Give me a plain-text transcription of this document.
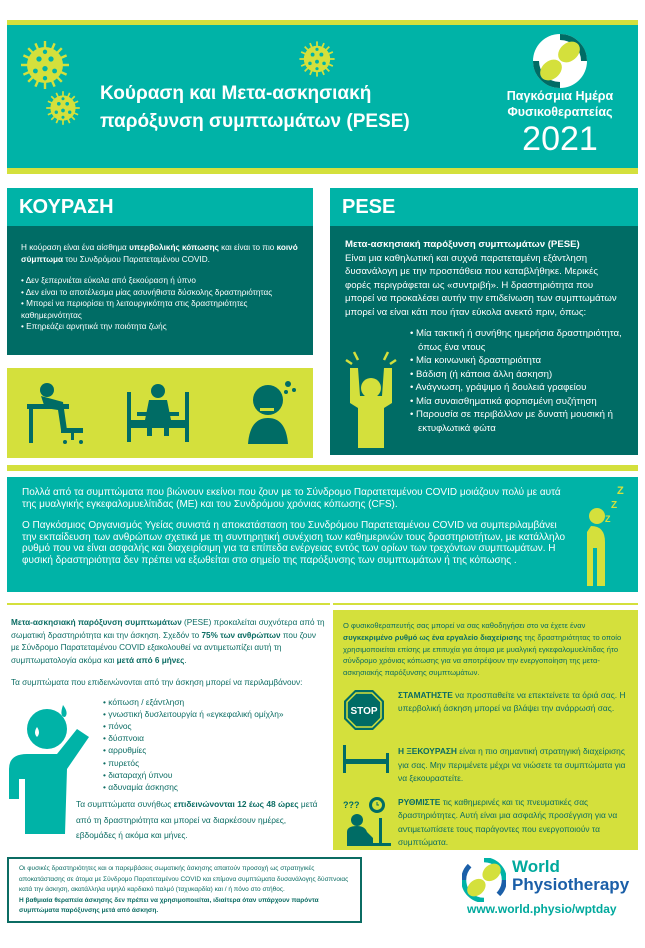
Κούραση και Μετα-ασκησιακή
παρόξυνση συμπτωμάτων (PESE)
Παγκόσμια Ημέρα
Φυσικοθεραπείας
2021
ΚΟΥΡΑΣΗ

Η κούραση είναι ένα αίσθημα υπερβολικής κόπωσης και είναι το πιο κοινό σύμπτωμα του Συνδρόμου Παρατεταμένου COVID.

• Δεν ξεπερνιέται εύκολα από ξεκούραση ή ύπνο
• Δεν είναι το αποτέλεσμα μίας ασυνήθιστα δύσκολης δραστηριότητας
• Μπορεί να περιορίσει τη λειτουργικότητα στις δραστηριότητες καθημερινότητας
• Επηρεάζει αρνητικά την ποιότητα ζωής
PESE
Μετα-ασκησιακή παρόξυνση συμπτωμάτων (PESE)

Είναι μια καθηλωτική και συχνά παρατεταμένη εξάντληση δυσανάλογη με την προσπάθεια που καταβλήθηκε. Μερικές φορές περιγράφεται ως «συντριβή». Η δραστηριότητα που μπορεί να προκαλέσει αυτήν την επιδείνωση των συμπτωμάτων μπορεί να είναι κάτι που ήταν εύκολα ανεκτό πριν, όπως:

• Μία τακτική ή συνήθης ημερήσια δραστηριότητα, όπως ένα ντους
• Μία κοινωνική δραστηριότητα
• Βάδιση (ή κάποια άλλη άσκηση)
• Ανάγνωση, γράψιμο ή δουλειά γραφείου
• Μία συναισθηματικά φορτισμένη συζήτηση
• Παρουσία σε περιβάλλον με δυνατή μουσική ή εκτυφλωτικά φώτα

Πολλά από τα συμπτώματα που βιώνουν εκείνοι που ζουν με το Σύνδρομο Παρατεταμένου COVID μοιάζουν πολύ με αυτά της μυαλγικής εγκεφαλομυελίτιδας (ME) και του Συνδρόμου χρόνιας κόπωσης (CFS).

Ο Παγκόσμιος Οργανισμός Υγείας συνιστά η αποκατάσταση του Συνδρόμου Παρατεταμένου COVID να συμπεριλαμβάνει την εκπαίδευση των ανθρώπων σχετικά με τη συντηρητική συνέχιση των καθημερινών τους δραστηριοτήτων, με κατάλληλο ρυθμό που να είναι ασφαλής και διαχειρίσιμη για τα επίπεδα ενέργειας εντός των ορίων των τρεχόντων συμπτωμάτων. Η φυσική δραστηριότητα δεν πρέπει να εξωθείται στο σημείο της παρόξυνσης των συμπτωμάτων ή της κόπωσης .

Z
Z
Z

Μετα-ασκησιακή παρόξυνση συμπτωμάτων (PESE) προκαλείται συχνότερα από τη σωματική δραστηριότητα και την άσκηση. Σχεδόν το 75% των ανθρώπων που ζουν με Σύνδρομο Παρατεταμένου COVID εξακολουθεί να αντιμετωπίζει αυτή τη συμπτωματολογία ακόμα και μετά από 6 μήνες.

Τα συμπτώματα που επιδεινώνονται από την άσκηση μπορεί να περιλαμβάνουν:

• κόπωση / εξάντληση
• γνωστική δυσλειτουργία ή «εγκεφαλική ομίχλη»
• πόνος
• δύσπνοια
• αρρυθμίες
• πυρετός
• διαταραχή ύπνου
• αδυναμία άσκησης

Τα συμπτώματα συνήθως επιδεινώνονται 12 έως 48 ώρες μετά από τη δραστηριότητα και μπορεί να διαρκέσουν ημέρες, εβδομάδες ή ακόμα και μήνες.

Ο φυσικοθεραπευτής σας μπορεί να σας καθοδηγήσει στο να έχετε έναν συγκεκριμένο ρυθμό ως ένα εργαλείο διαχείρισης της δραστηριότητας το οποίο χρησιμοποιείται επίσης με επιτυχία για άτομα με μυαλγική εγκεφαλομυελίτιδας ήτο σύνδρομο χρόνιας κόπωσης για να αποτρέψουν την ενεργοποίηση της μετα-ασκησιακής παρόξυνσης συμπτωμάτων.

STOP

ΣΤΑΜΑΤΗΣΤΕ να προσπαθείτε να επεκτείνετε τα όριά σας. Η υπερβολική άσκηση μπορεί να βλάψει την ανάρρωσή σας.

Η ΞΕΚΟΥΡΑΣΗ είναι η πιο σημαντική στρατηγική διαχείρισης για σας. Μην περιμένετε μέχρι να νιώσετε τα συμπτώματα για να ξεκουραστείτε.

???	ΡΥΘΜΙΣΤΕ τις καθημερινές και τις πνευματικές σας δραστηριότητες. Αυτή είναι μια ασφαλής προσέγγιση για να αντιμετωπίσετε τους παράγοντες που ενεργοποιούν τα συμπτώματα.

Οι φυσικές δραστηριότητες και οι παρεμβάσεις σωματικής άσκησης απαιτούν προσοχή ως στρατηγικές αποκατάστασης σε άτομα με Σύνδρομο Παρατεταμένου COVID και επίμονα συμπτώματα δυσανάλογης δύσπνοιας κατά την άσκηση, ακατάλληλα υψηλό καρδιακό παλμό (ταχυκαρδία) και / ή πόνο στο στήθος.

Η βαθμιαία θεραπεία άσκησης δεν πρέπει να χρησιμοποιείται, ιδιαίτερα όταν υπάρχουν παρόντα συμπτώματα παρόξυνσης μετά από άσκηση.

World
Physiotherapy
www.world.physio/wptday
